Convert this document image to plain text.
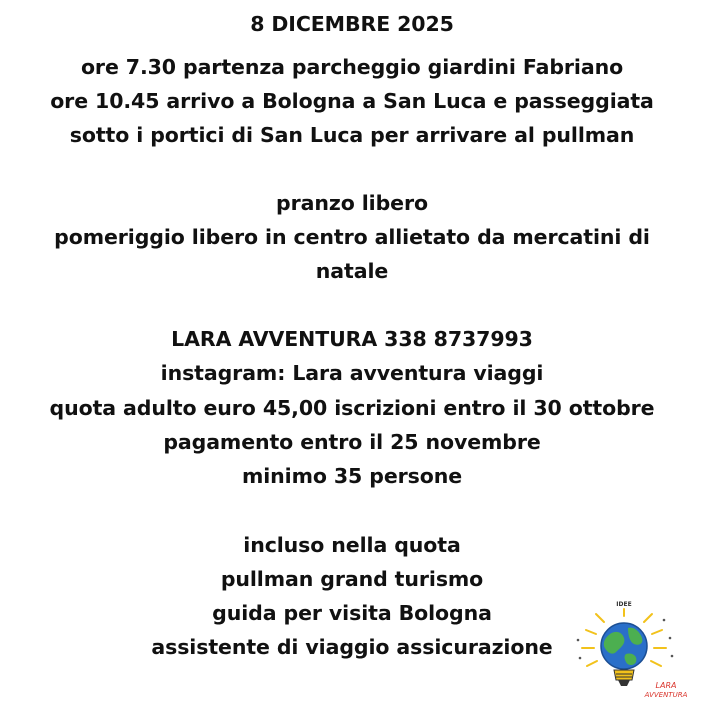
8 DICEMBRE 2025
ore 7.30 partenza parcheggio giardini Fabriano
ore 10.45 arrivo a Bologna a San Luca e passeggiata
sotto i portici di San Luca per arrivare al pullman
pranzo libero
pomeriggio libero in centro allietato da mercatini di
natale
LARA AVVENTURA 338 8737993
instagram: Lara avventura viaggi
quota adulto euro 45,00 iscrizioni entro il 30 ottobre
pagamento entro il 25 novembre
minimo 35 persone
incluso nella quota
pullman grand turismo
guida per visita Bologna
assistente di viaggio assicurazione
IDEE
LARA
AVVENTURA
